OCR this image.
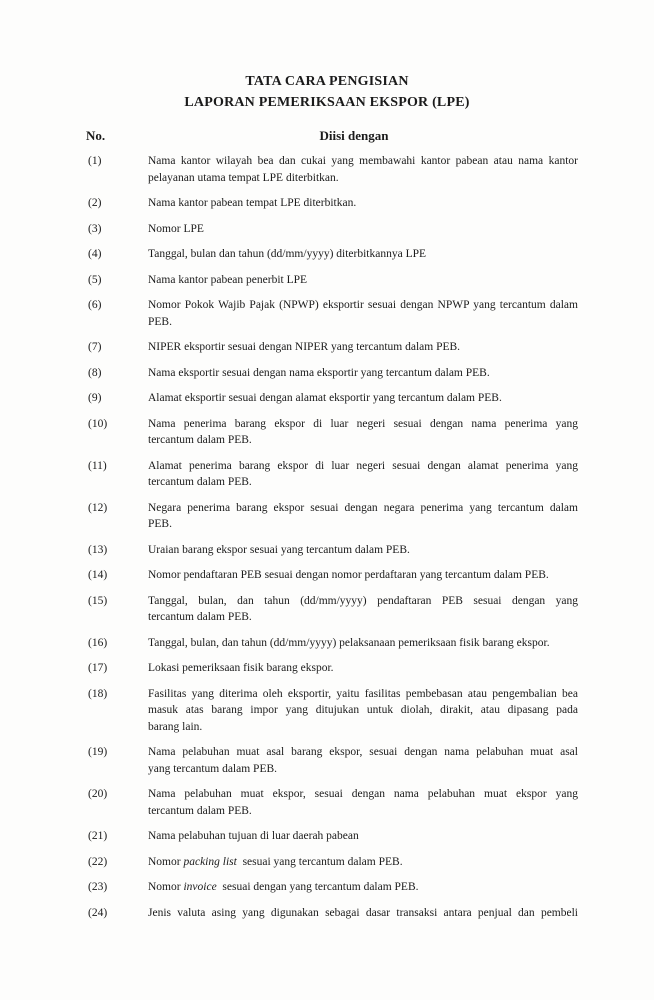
TATA CARA PENGISIAN
LAPORAN PEMERIKSAAN EKSPOR (LPE)
No.	Diisi dengan
(1)	Nama kantor wilayah bea dan cukai yang membawahi kantor pabean atau nama kantor
pelayanan utama tempat LPE diterbitkan.
(2)	Nama kantor pabean tempat LPE diterbitkan.
(3)	Nomor LPE
(4)	Tanggal, bulan dan tahun (dd/mm/yyyy) diterbitkannya LPE
(5)	Nama kantor pabean penerbit LPE
(6)	Nomor Pokok Wajib Pajak (NPWP) eksportir sesuai dengan NPWP yang tercantum dalam
PEB.
(7)	NIPER eksportir sesuai dengan NIPER yang tercantum dalam PEB.
(8)	Nama eksportir sesuai dengan nama eksportir yang tercantum dalam PEB.
(9)	Alamat eksportir sesuai dengan alamat eksportir yang tercantum dalam PEB.
(10)	Nama penerima barang ekspor di luar negeri sesuai dengan nama penerima yang
tercantum dalam PEB.
(11)	Alamat penerima barang ekspor di luar negeri sesuai dengan alamat penerima yang
tercantum dalam PEB.
(12)	Negara penerima barang ekspor sesuai dengan negara penerima yang tercantum dalam
PEB.
(13)	Uraian barang ekspor sesuai yang tercantum dalam PEB.
(14)	Nomor pendaftaran PEB sesuai dengan nomor perdaftaran yang tercantum dalam PEB.
(15)	Tanggal, bulan, dan tahun (dd/mm/yyyy) pendaftaran PEB sesuai dengan yang
tercantum dalam PEB.
(16)	Tanggal, bulan, dan tahun (dd/mm/yyyy) pelaksanaan pemeriksaan fisik barang ekspor.
(17)	Lokasi pemeriksaan fisik barang ekspor.
(18)	Fasilitas yang diterima oleh eksportir, yaitu fasilitas pembebasan atau pengembalian bea
masuk atas barang impor yang ditujukan untuk diolah, dirakit, atau dipasang pada
barang lain.
(19)	Nama pelabuhan muat asal barang ekspor, sesuai dengan nama pelabuhan muat asal
yang tercantum dalam PEB.
(20)	Nama pelabuhan muat ekspor, sesuai dengan nama pelabuhan muat ekspor yang
tercantum dalam PEB.
(21)	Nama pelabuhan tujuan di luar daerah pabean
(22)	Nomor packing list  sesuai yang tercantum dalam PEB.
(23)	Nomor invoice  sesuai dengan yang tercantum dalam PEB.
(24)	Jenis valuta asing yang digunakan sebagai dasar transaksi antara penjual dan pembeli
